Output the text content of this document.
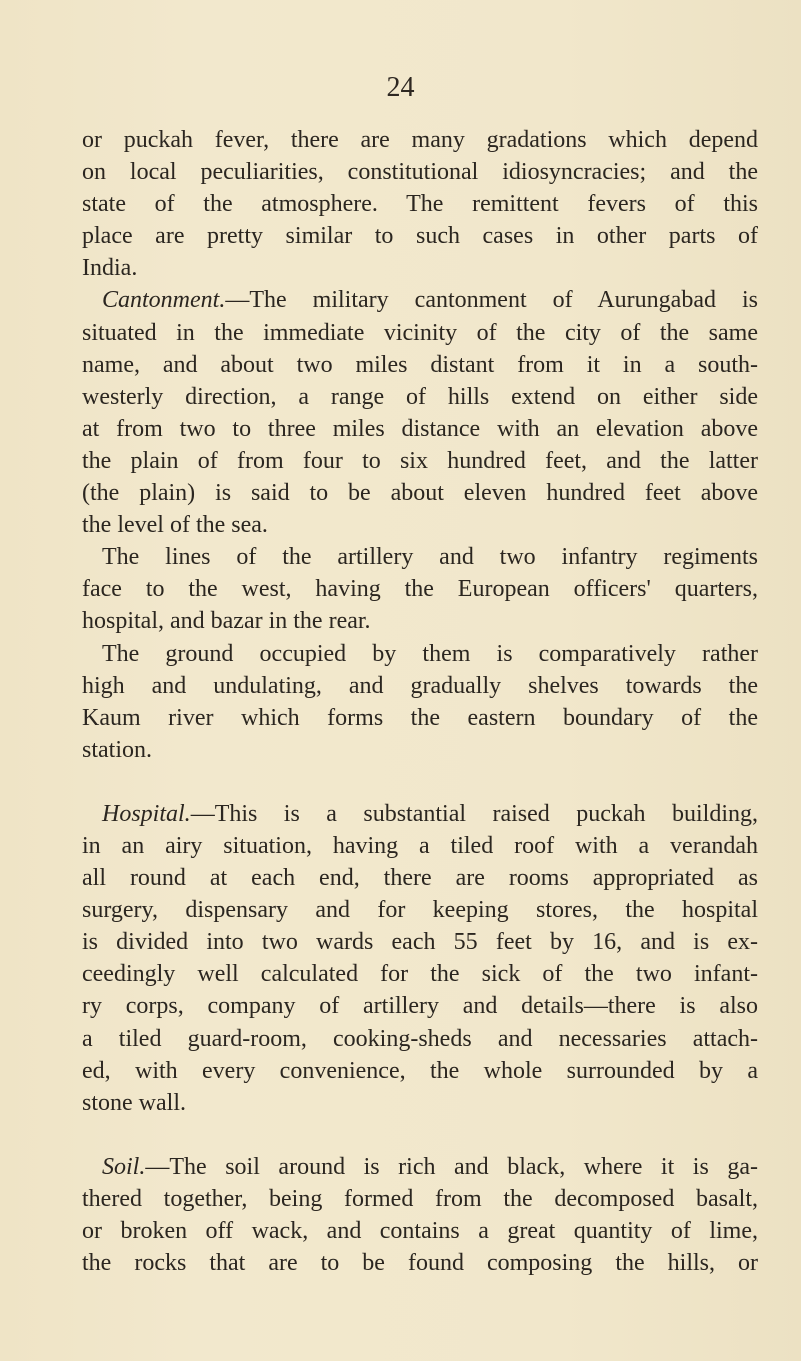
24
or puckah fever, there are many gradations which depend
on local peculiarities, constitutional idiosyncracies; and the
state of the atmosphere. The remittent fevers of this
place are pretty similar to such cases in other parts of
India.
Cantonment.—The military cantonment of Aurungabad is
situated in the immediate vicinity of the city of the same
name, and about two miles distant from it in a south-
westerly direction, a range of hills extend on either side
at from two to three miles distance with an elevation above
the plain of from four to six hundred feet, and the latter
(the plain) is said to be about eleven hundred feet above
the level of the sea.
The lines of the artillery and two infantry regiments
face to the west, having the European officers' quarters,
hospital, and bazar in the rear.
The ground occupied by them is comparatively rather
high and undulating, and gradually shelves towards the
Kaum river which forms the eastern boundary of the
station.
Hospital.—This is a substantial raised puckah building,
in an airy situation, having a tiled roof with a verandah
all round at each end, there are rooms appropriated as
surgery, dispensary and for keeping stores, the hospital
is divided into two wards each 55 feet by 16, and is ex-
ceedingly well calculated for the sick of the two infant-
ry corps, company of artillery and details—there is also
a tiled guard-room, cooking-sheds and necessaries attach-
ed, with every convenience, the whole surrounded by a
stone wall.
Soil.—The soil around is rich and black, where it is ga-
thered together, being formed from the decomposed basalt,
or broken off wack, and contains a great quantity of lime,
the rocks that are to be found composing the hills, or
